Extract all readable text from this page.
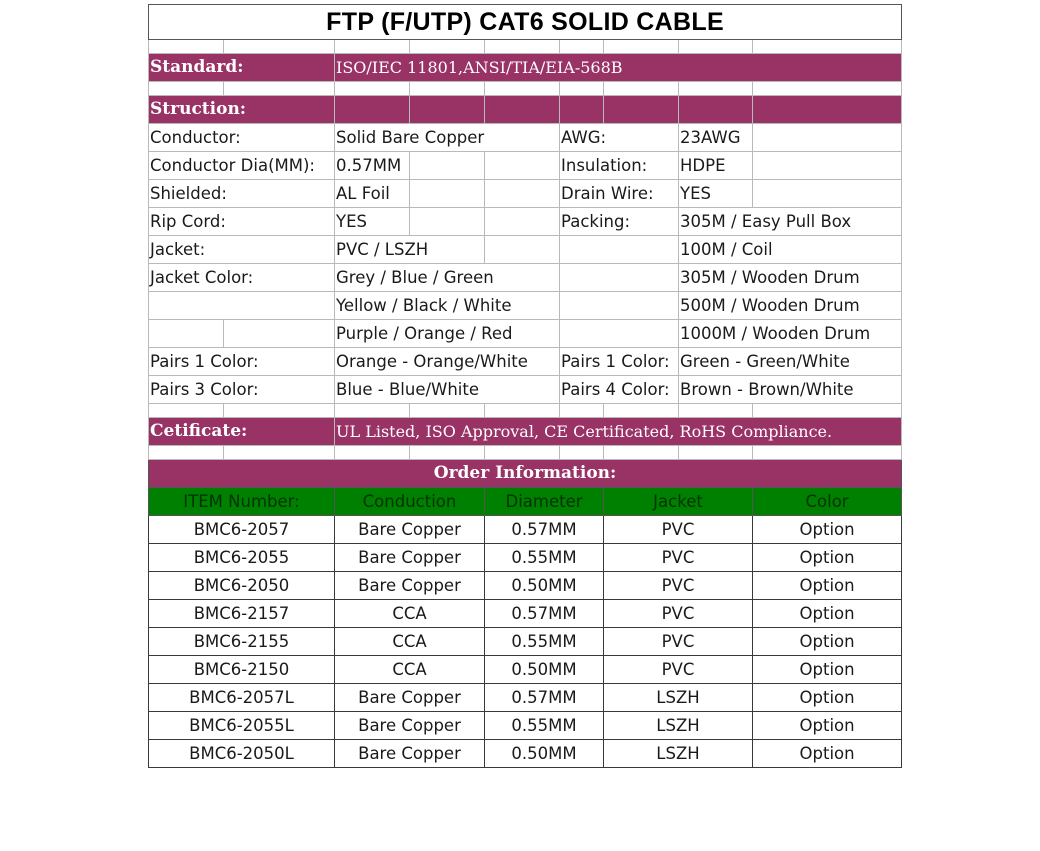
FTP (F/UTP) CAT6 SOLID CABLE								

Standard:		ISO/IEC 11801,ANSI/TIA/EIA-568B						

Struction:								
Conductor:		Solid Bare Copper			AWG:		23AWG	
Conductor Dia(MM):		0.57MM			Insulation:		HDPE	
Shielded:		AL Foil			Drain Wire:		YES	
Rip Cord:		YES			Packing:		305M / Easy Pull Box	
Jacket:		PVC / LSZH					100M / Coil	
Jacket Color:		Grey / Blue / Green					305M / Wooden Drum	
		Yellow / Black / White					500M / Wooden Drum	
		Purple / Orange / Red					1000M / Wooden Drum	
Pairs 1 Color:		Orange - Orange/White			Pairs 1 Color:		Green - Green/White	
Pairs 3 Color:		Blue - Blue/White			Pairs 4 Color:		Brown - Brown/White	

Cetificate:		UL Listed, ISO Approval, CE Certificated, RoHS Compliance.						

Order Information:								
ITEM Number:		Conduction		Diameter		Jacket		Color
BMC6-2057		Bare Copper		0.57MM		PVC		Option
BMC6-2055		Bare Copper		0.55MM		PVC		Option
BMC6-2050		Bare Copper		0.50MM		PVC		Option
BMC6-2157		CCA		0.57MM		PVC		Option
BMC6-2155		CCA		0.55MM		PVC		Option
BMC6-2150		CCA		0.50MM		PVC		Option
BMC6-2057L		Bare Copper		0.57MM		LSZH		Option
BMC6-2055L		Bare Copper		0.55MM		LSZH		Option
BMC6-2050L		Bare Copper		0.50MM		LSZH		Option
